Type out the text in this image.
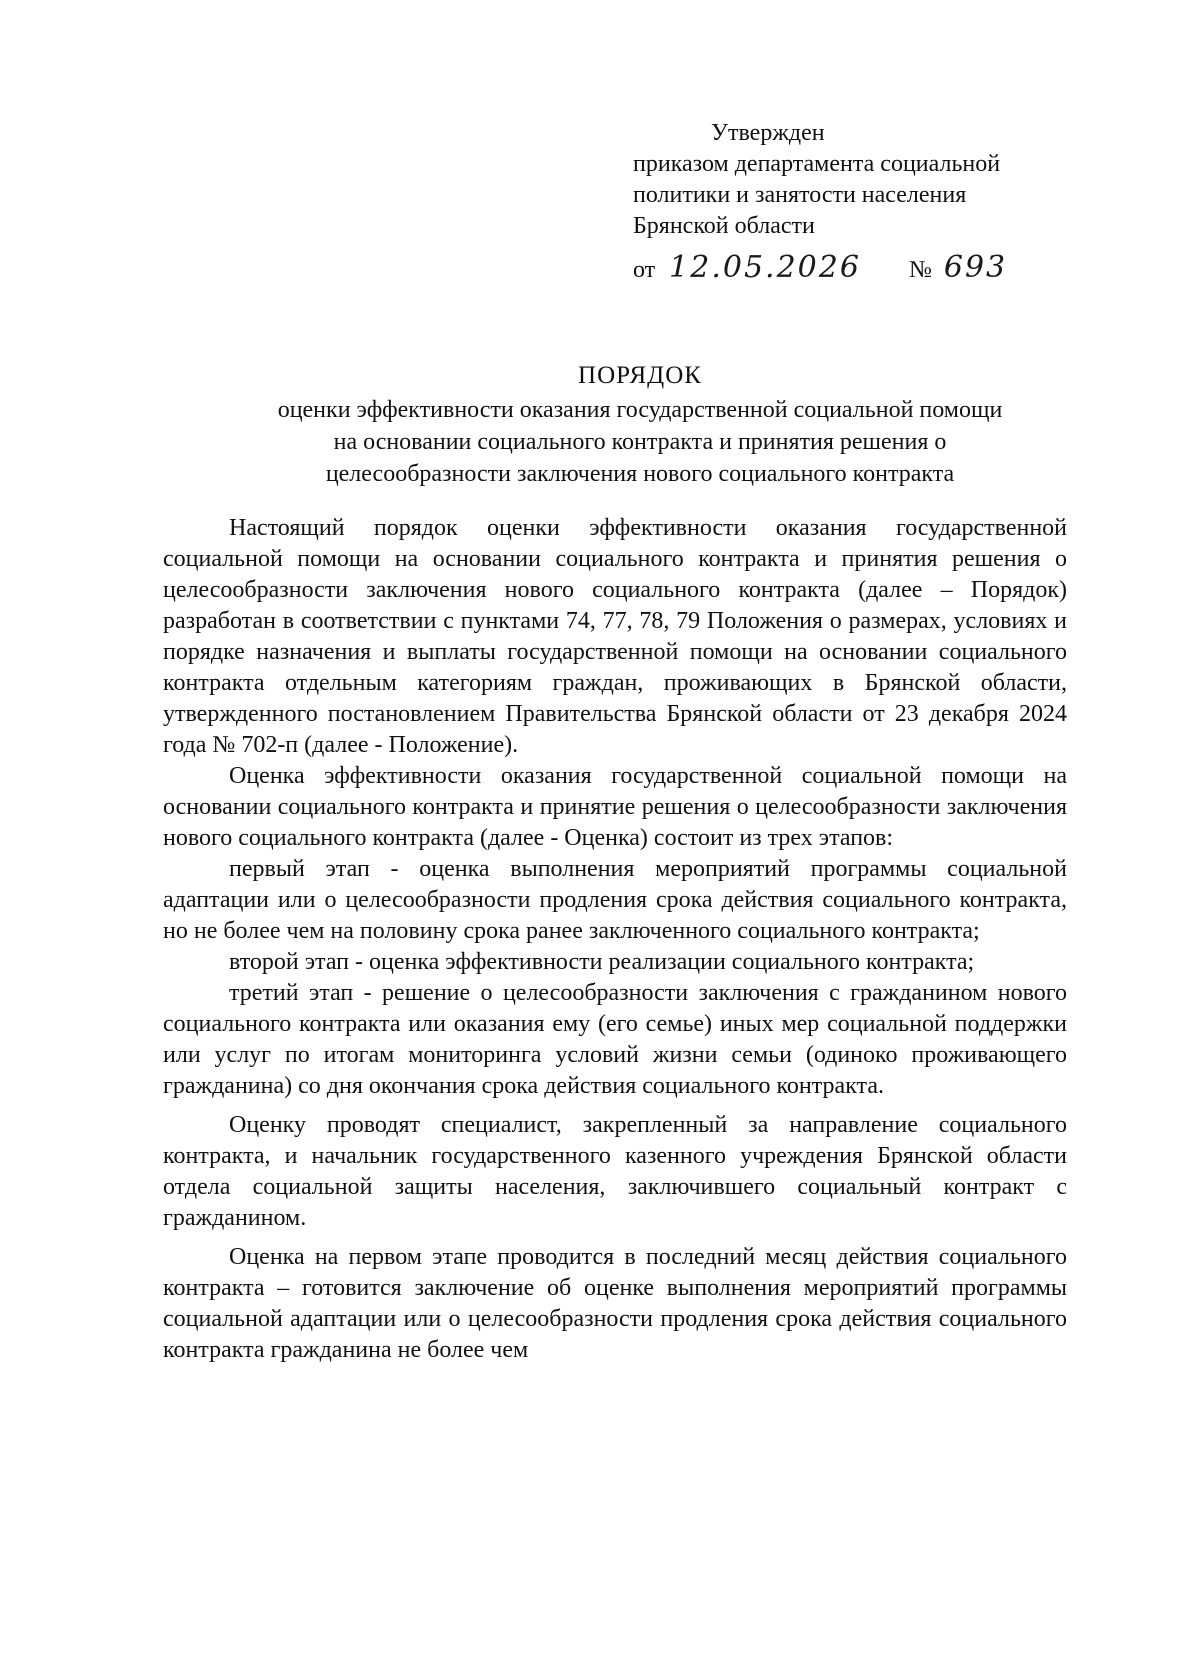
Утвержден
приказом департамента социальной
политики и занятости населения
Брянской области
от 12.05.2026 № 693
ПОРЯДОК
оценки эффективности оказания государственной социальной помощи
на основании социального контракта и принятия решения о
целесообразности заключения нового социального контракта

Настоящий порядок оценки эффективности оказания государственной социальной помощи на основании социального контракта и принятия решения о целесообразности заключения нового социального контракта (далее – Порядок) разработан в соответствии с пунктами 74, 77, 78, 79 Положения о размерах, условиях и порядке назначения и выплаты государственной помощи на основании социального контракта отдельным категориям граждан, проживающих в Брянской области, утвержденного постановлением Правительства Брянской области от 23 декабря 2024 года № 702-п (далее - Положение).

Оценка эффективности оказания государственной социальной помощи на основании социального контракта и принятие решения о целесообразности заключения нового социального контракта (далее - Оценка) состоит из трех этапов:

первый этап - оценка выполнения мероприятий программы социальной адаптации или о целесообразности продления срока действия социального контракта, но не более чем на половину срока ранее заключенного социального контракта;

второй этап - оценка эффективности реализации социального контракта;

третий этап - решение о целесообразности заключения с гражданином нового социального контракта или оказания ему (его семье) иных мер социальной поддержки или услуг по итогам мониторинга условий жизни семьи (одиноко проживающего гражданина) со дня окончания срока действия социального контракта.

Оценку проводят специалист, закрепленный за направление социального контракта, и начальник государственного казенного учреждения Брянской области отдела социальной защиты населения, заключившего социальный контракт с гражданином.

Оценка на первом этапе проводится в последний месяц действия социального контракта – готовится заключение об оценке выполнения мероприятий программы социальной адаптации или о целесообразности продления срока действия социального контракта гражданина не более чем
